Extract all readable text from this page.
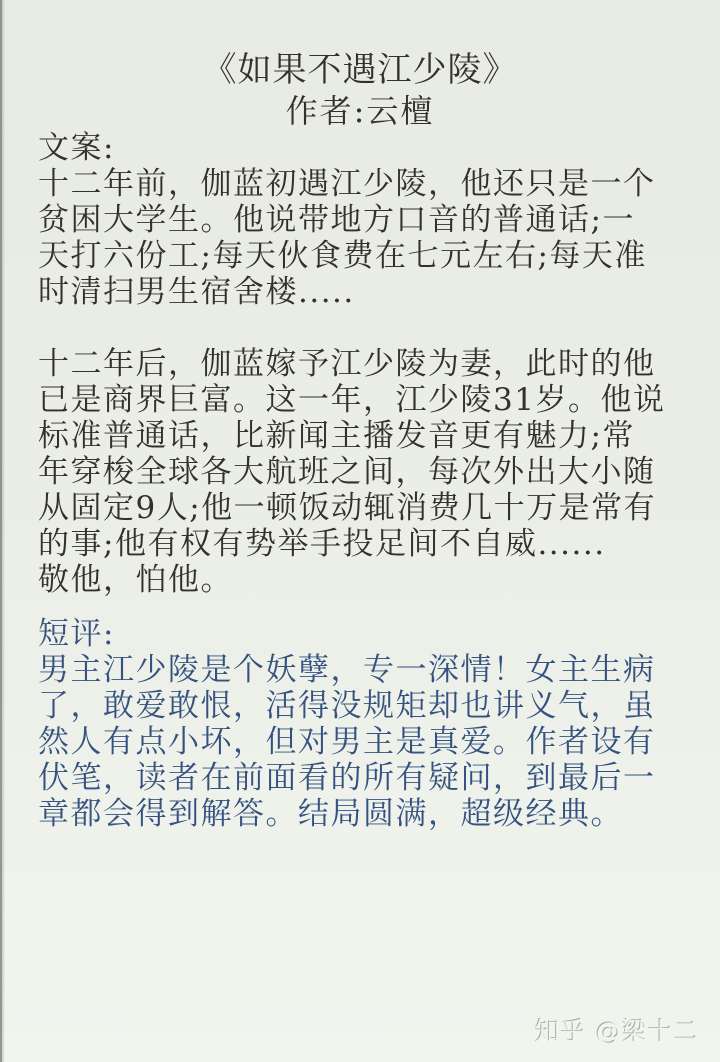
《如果不遇江少陵》
作者:云檀
文案:
十二年前，伽蓝初遇江少陵，他还只是一个
贫困大学生。他说带地方口音的普通话;一
天打六份工;每天伙食费在七元左右;每天准
时清扫男生宿舍楼.....
十二年后，伽蓝嫁予江少陵为妻，此时的他
已是商界巨富。这一年，江少陵31岁。他说
标准普通话，比新闻主播发音更有魅力;常
年穿梭全球各大航班之间，每次外出大小随
从固定9人;他一顿饭动辄消费几十万是常有
的事;他有权有势举手投足间不自威......
敬他，怕他。
短评:
男主江少陵是个妖孽，专一深情！女主生病
了，敢爱敢恨，活得没规矩却也讲义气，虽
然人有点小坏，但对男主是真爱。作者设有
伏笔，读者在前面看的所有疑问，到最后一
章都会得到解答。结局圆满，超级经典。
知乎 @梁十二
